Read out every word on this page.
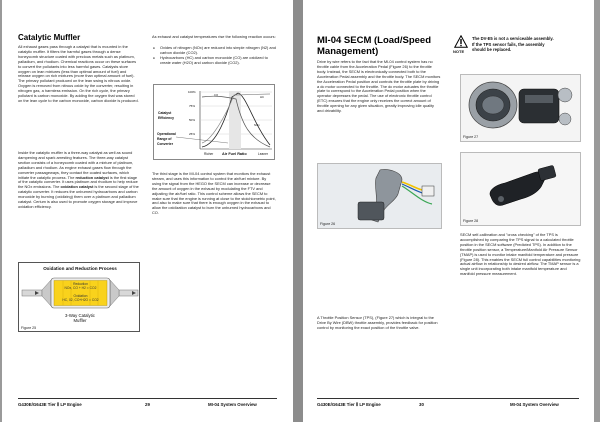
Catalytic Muffler
All exhaust gases pass through a catalyst that is mounted in the catalytic muffler. It filters the harmful gases through a dense honeycomb structure coated with precious metals such as platinum, palladium, and rhodium. Chemical reactions occur on these surfaces to convert the pollutants into less harmful gases. Catalysts store oxygen on lean mixtures (less than optimal amount of fuel) and release oxygen on rich mixtures (more than optimal amount of fuel). The primary pollutant produced on the lean swing is nitrous oxide. Oxygen is removed from nitrous oxide by the converter, resulting in nitrogen gas, a harmless emission. On the rich cycle, the primary pollutant is carbon monoxide. By adding the oxygen that was stored on the lean cycle to the carbon monoxide, carbon dioxide is produced.
Inside the catalytic muffler is a three-way catalyst as well as sound dampening and spark arresting features. The three-way catalyst section consists of a honeycomb coated with a mixture of platinum, palladium and rhodium. As engine exhaust gases flow through the converter passageways, they contact the coated surfaces, which initiate the catalytic process. The reduction catalyst is the first stage of the catalytic converter. It uses platinum and rhodium to help reduce the NOx emissions. The oxidation catalyst is the second stage of the catalytic converter. It reduces the unburned hydrocarbons and carbon monoxide by burning (oxidizing) them over a platinum and palladium catalyst. Cerium is also used to promote oxygen storage and improve oxidation efficiency.
Oxidation and Reduction Process
Reduction
NOx, CO + H2 = CO2
Oxidation
HC, 02, CO+H2O = CO2
3-Way Catalytic
Muffler
Figure 25
As exhaust and catalyst temperatures rise the following reaction occurs:
● Oxides of nitrogen (NOx) are reduced into simple nitrogen (N2) and carbon dioxide (CO2).
● Hydrocarbons (HC) and carbon monoxide (CO) are oxidized to create water (H2O) and carbon dioxide (CO2).
100%
75%
50%
25%
Catalyst
Efficiency
Operational
Range of
Converter
Richer Air Fuel Ratio	Leaner
NOx
CO	HC
The third stage is the MI-04 control system that monitors the exhaust stream, and uses this information to control the air/fuel mixture. By using the signal from the HEGO the SECM can increase or decrease the amount of oxygen in the exhaust by modulating the FTV and adjusting the air/fuel ratio. This control scheme allows the SECM to make sure that the engine is running at close to the stoichiometric point, and also to make sure that there is enough oxygen in the exhaust to allow the oxidization catalyst to burn the unburned hydrocarbons and CO.
G430E/G643E Tier Ⅱ LP Engine	29	MI-04 System Overview
MI-04 SECM (Load/Speed
Management)	NOTE
The DV-E5 is not a serviceable assembly.
If the TPS sensor fails, the assembly
should be replaced.
Drive by wire refers to the fact that the MI-04 control system has no throttle cable from the Acceleration Pedal (Figure 26) to the throttle body. Instead, the SECM is electronically connected both to the Acceleration Pedal assembly and the throttle body. The SECM monitors the Acceleration Pedal position and controls the throttle plate by driving a dc motor connected to the throttle. The dc motor actuates the throttle plate to correspond to the Acceleration Pedal position when the operator depresses the pedal. The use of electronic throttle control (ETC) ensures that the engine only receives the correct amount of throttle opening for any given situation, greatly improving idle quality and drivability.
Figure 26
Figure 27
Figure 28
A Throttle Position Sensor (TPS), (Figure 27) which is integral to the Drive By Wire (DBW) throttle assembly, provides feedback for position control by monitoring the exact position of the throttle valve.
SECM self-calibration and "cross checking" of the TPS is accomplished by comparing the TPS signal to a calculated throttle position in the SECM software (Predicted TPS). In addition to the throttle position sensor, a Temperature/Manifold Air Pressure Sensor (TMAP) is used to monitor intake manifold temperature and pressure (Figure 28). This enables the SECM full control capabilities monitoring actual airflow in relationship to desired airflow. The TMAP sensor is a single unit incorporating both intake manifold temperature and manifold pressure measurement.
G430E/G643E Tier Ⅱ LP Engine	30	MI-04 System Overview
